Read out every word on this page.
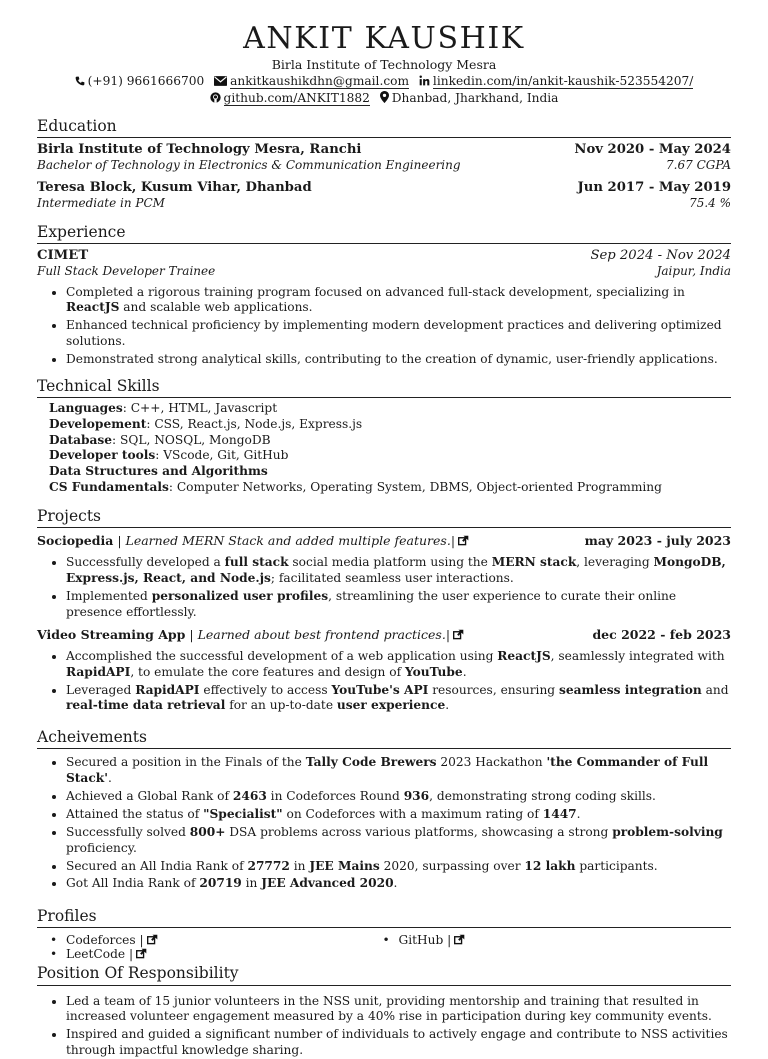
ANKIT KAUSHIK
Birla Institute of Technology Mesra
(+91) 9661666700 ankitkaushikdhn@gmail.com linkedin.com/in/ankit-kaushik-523554207/
github.com/ANKIT1882 Dhanbad, Jharkhand, India
Education
Birla Institute of Technology Mesra, Ranchi	Nov 2020 - May 2024
Bachelor of Technology in Electronics & Communication Engineering	7.67 CGPA
Teresa Block, Kusum Vihar, Dhanbad	Jun 2017 - May 2019
Intermediate in PCM	75.4 %
Experience
CIMET	Sep 2024 - Nov 2024
Full Stack Developer Trainee	Jaipur, India
• Completed a rigorous training program focused on advanced full-stack development, specializing in ReactJS and scalable web applications.
• Enhanced technical proficiency by implementing modern development practices and delivering optimized solutions.
• Demonstrated strong analytical skills, contributing to the creation of dynamic, user-friendly applications.
Technical Skills
Languages: C++, HTML, Javascript
Developement: CSS, React.js, Node.js, Express.js
Database: SQL, NOSQL, MongoDB
Developer tools: VScode, Git, GitHub
Data Structures and Algorithms
CS Fundamentals: Computer Networks, Operating System, DBMS, Object-oriented Programming
Projects
Sociopedia | Learned MERN Stack and added multiple features.|	may 2023 - july 2023
• Successfully developed a full stack social media platform using the MERN stack, leveraging MongoDB, Express.js, React, and Node.js; facilitated seamless user interactions.
• Implemented personalized user profiles, streamlining the user experience to curate their online presence effortlessly.
Video Streaming App | Learned about best frontend practices.|	dec 2022 - feb 2023
• Accomplished the successful development of a web application using ReactJS, seamlessly integrated with RapidAPI, to emulate the core features and design of YouTube.
• Leveraged RapidAPI effectively to access YouTube's API resources, ensuring seamless integration and real-time data retrieval for an up-to-date user experience.
Acheivements
• Secured a position in the Finals of the Tally Code Brewers 2023 Hackathon 'the Commander of Full Stack'.
• Achieved a Global Rank of 2463 in Codeforces Round 936, demonstrating strong coding skills.
• Attained the status of "Specialist" on Codeforces with a maximum rating of 1447.
• Successfully solved 800+ DSA problems across various platforms, showcasing a strong problem-solving proficiency.
• Secured an All India Rank of 27772 in JEE Mains 2020, surpassing over 12 lakh participants.
• Got All India Rank of 20719 in JEE Advanced 2020.
Profiles
• Codeforces |
• LeetCode |
• GitHub |
Position Of Responsibility
• Led a team of 15 junior volunteers in the NSS unit, providing mentorship and training that resulted in increased volunteer engagement measured by a 40% rise in participation during key community events.
• Inspired and guided a significant number of individuals to actively engage and contribute to NSS activities through impactful knowledge sharing.
